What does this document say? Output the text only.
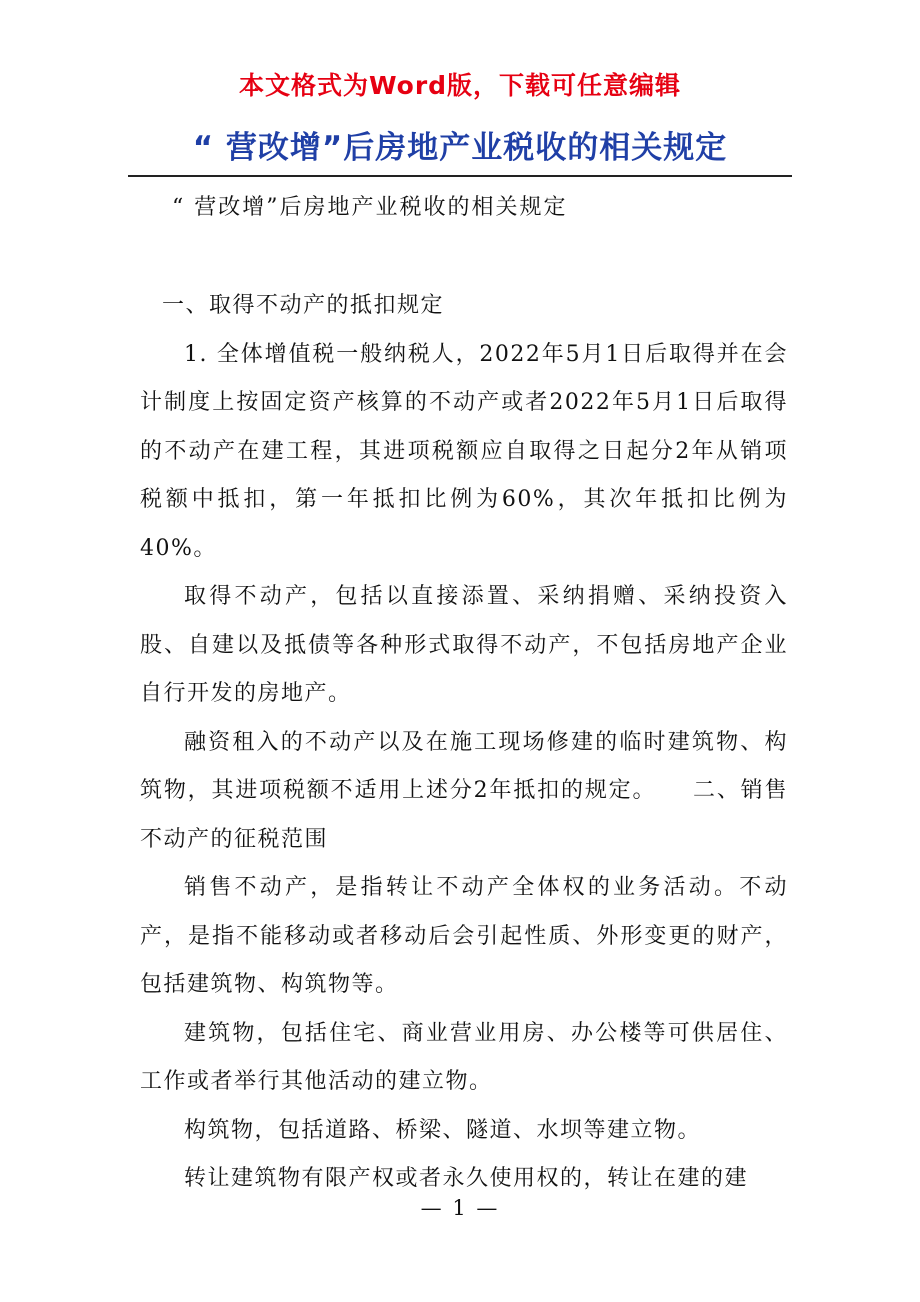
本文格式为Word版，下载可任意编辑
“ 营改增”后房地产业税收的相关规定
“ 营改增”后房地产业税收的相关规定

一、取得不动产的抵扣规定

1. 全体增值税一般纳税人，2022年5月1日后取得并在会计制度上按固定资产核算的不动产或者2022年5月1日后取得的不动产在建工程，其进项税额应自取得之日起分2年从销项税额中抵扣，第一年抵扣比例为60%，其次年抵扣比例为40%。

取得不动产，包括以直接添置、采纳捐赠、采纳投资入股、自建以及抵债等各种形式取得不动产，不包括房地产企业自行开发的房地产。

融资租入的不动产以及在施工现场修建的临时建筑物、构筑物，其进项税额不适用上述分2年抵扣的规定。　　二、销售不动产的征税范围

销售不动产，是指转让不动产全体权的业务活动。不动产，是指不能移动或者移动后会引起性质、外形变更的财产，包括建筑物、构筑物等。

建筑物，包括住宅、商业营业用房、办公楼等可供居住、工作或者举行其他活动的建立物。

构筑物，包括道路、桥梁、隧道、水坝等建立物。

转让建筑物有限产权或者永久使用权的，转让在建的建

— 1 —
